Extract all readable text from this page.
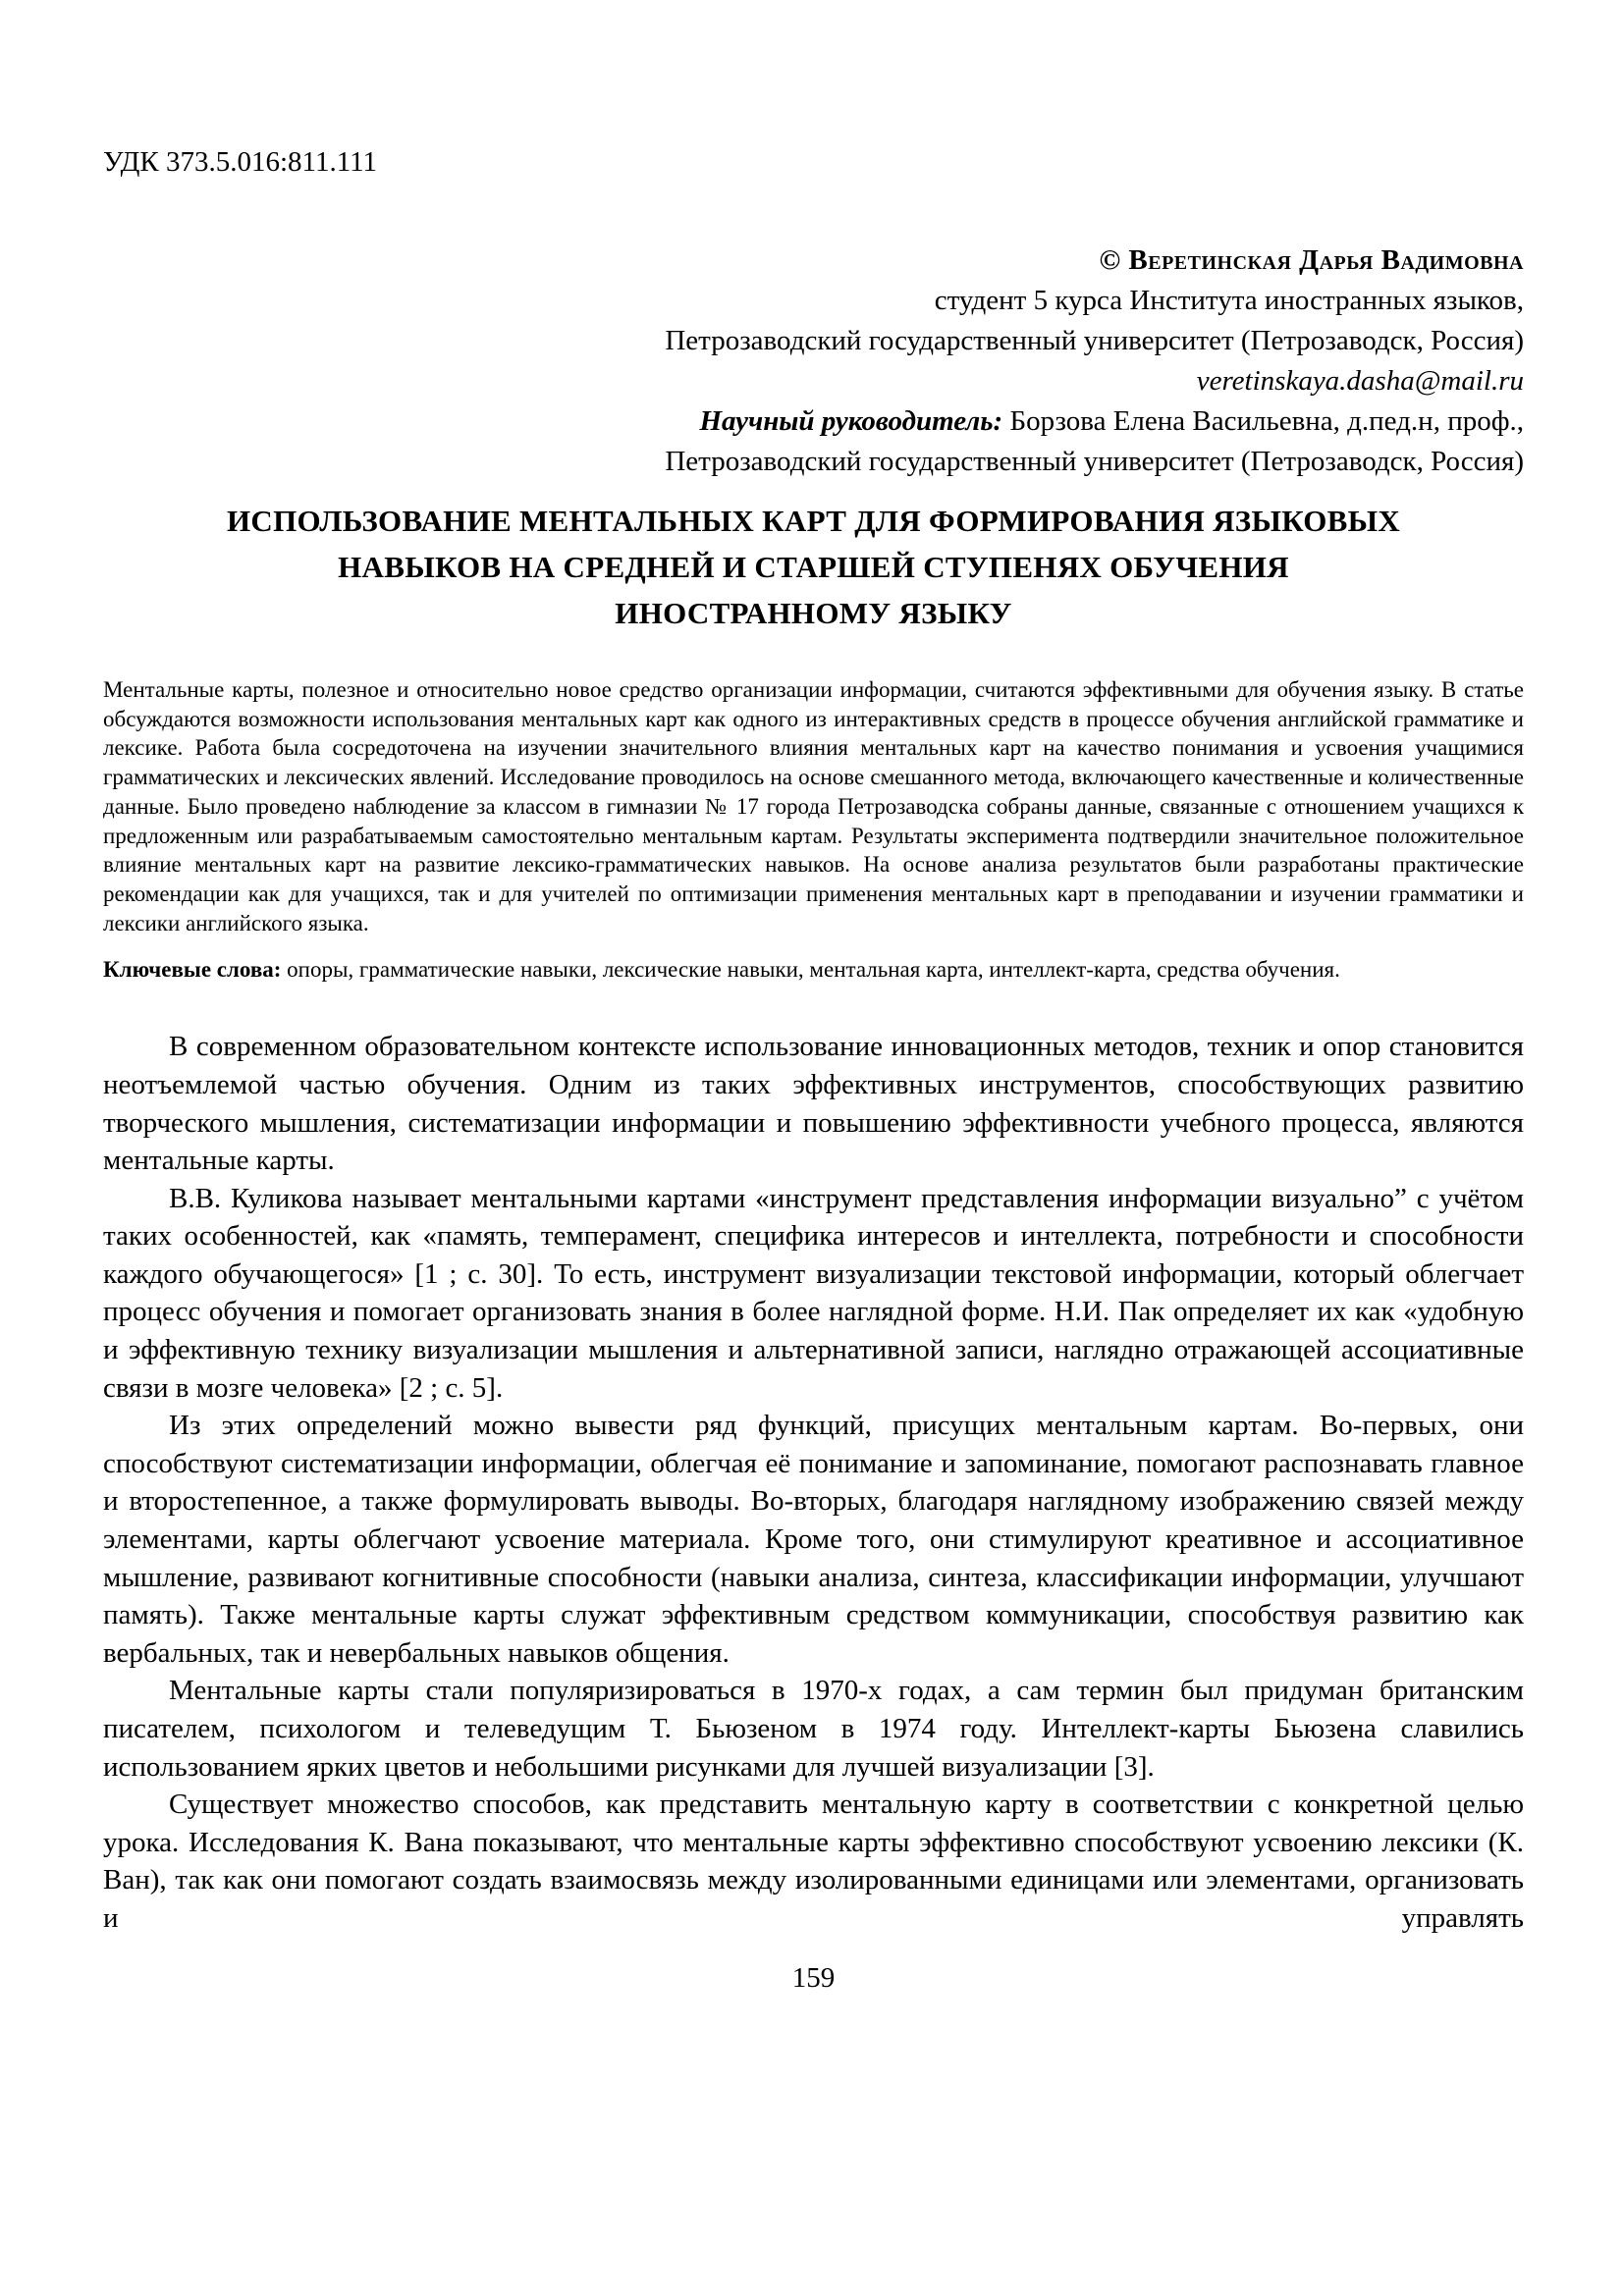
УДК 373.5.016:811.111
© Веретинская Дарья Вадимовна
студент 5 курса Института иностранных языков,
Петрозаводский государственный университет (Петрозаводск, Россия)
veretinskaya.dasha@mail.ru
Научный руководитель: Борзова Елена Васильевна, д.пед.н, проф.,
Петрозаводский государственный университет (Петрозаводск, Россия)
ИСПОЛЬЗОВАНИЕ МЕНТАЛЬНЫХ КАРТ ДЛЯ ФОРМИРОВАНИЯ ЯЗЫКОВЫХ
НАВЫКОВ НА СРЕДНЕЙ И СТАРШЕЙ СТУПЕНЯХ ОБУЧЕНИЯ
ИНОСТРАННОМУ ЯЗЫКУ
Ментальные карты, полезное и относительно новое средство организации информации, считаются эффективными для обучения языку. В статье обсуждаются возможности использования ментальных карт как одного из интерактивных средств в процессе обучения английской грамматике и лексике. Работа была сосредоточена на изучении значительного влияния ментальных карт на качество понимания и усвоения учащимися грамматических и лексических явлений. Исследование проводилось на основе смешанного метода, включающего качественные и количественные данные. Было проведено наблюдение за классом в гимназии № 17 города Петрозаводска собраны данные, связанные с отношением учащихся к предложенным или разрабатываемым самостоятельно ментальным картам. Результаты эксперимента подтвердили значительное положительное влияние ментальных карт на развитие лексико-грамматических навыков. На основе анализа результатов были разработаны практические рекомендации как для учащихся, так и для учителей по оптимизации применения ментальных карт в преподавании и изучении грамматики и лексики английского языка.
Ключевые слова: опоры, грамматические навыки, лексические навыки, ментальная карта, интеллект-карта, средства обучения.

В современном образовательном контексте использование инновационных методов, техник и опор становится неотъемлемой частью обучения. Одним из таких эффективных инструментов, способствующих развитию творческого мышления, систематизации информации и повышению эффективности учебного процесса, являются ментальные карты.

В.В. Куликова называет ментальными картами «инструмент представления информации визуально” с учётом таких особенностей, как «память, темперамент, специфика интересов и интеллекта, потребности и способности каждого обучающегося» [1 ; с. 30]. То есть, инструмент визуализации текстовой информации, который облегчает процесс обучения и помогает организовать знания в более наглядной форме. Н.И. Пак определяет их как «удобную и эффективную технику визуализации мышления и альтернативной записи, наглядно отражающей ассоциативные связи в мозге человека» [2 ; с. 5].

Из этих определений можно вывести ряд функций, присущих ментальным картам. Во-первых, они способствуют систематизации информации, облегчая её понимание и запоминание, помогают распознавать главное и второстепенное, а также формулировать выводы. Во-вторых, благодаря наглядному изображению связей между элементами, карты облегчают усвоение материала. Кроме того, они стимулируют креативное и ассоциативное мышление, развивают когнитивные способности (навыки анализа, синтеза, классификации информации, улучшают память). Также ментальные карты служат эффективным средством коммуникации, способствуя развитию как вербальных, так и невербальных навыков общения.

Ментальные карты стали популяризироваться в 1970-х годах, а сам термин был придуман британским писателем, психологом и телеведущим Т. Бьюзеном в 1974 году. Интеллект-карты Бьюзена славились использованием ярких цветов и небольшими рисунками для лучшей визуализации [3].

Существует множество способов, как представить ментальную карту в соответствии с конкретной целью урока. Исследования К. Вана показывают, что ментальные карты эффективно способствуют усвоению лексики (К. Ван), так как они помогают создать взаимосвязь между изолированными единицами или элементами, организовать и управлять

159
